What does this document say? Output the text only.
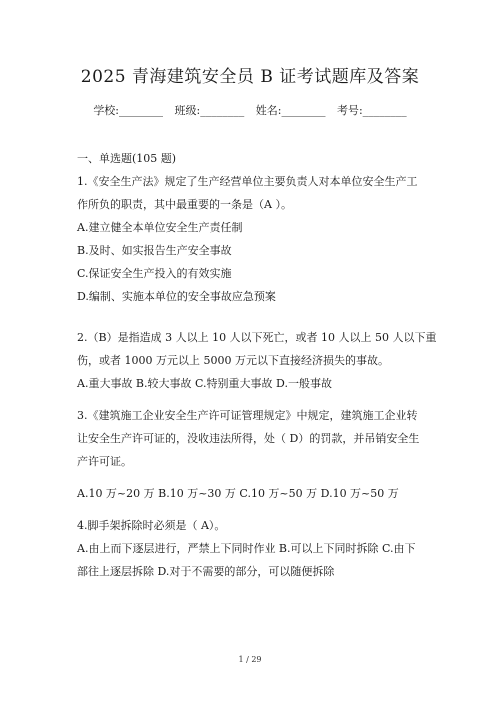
2025 青海建筑安全员 B 证考试题库及答案
学校:________ 班级:________ 姓名:________ 考号:________
一、单选题(105 题)
1.《安全生产法》规定了生产经营单位主要负责人对本单位安全生产工
作所负的职责，其中最重要的一条是（A ）。
A.建立健全本单位安全生产责任制
B.及时、如实报告生产安全事故
C.保证安全生产投入的有效实施
D.编制、实施本单位的安全事故应急预案
2.（B）是指造成 3 人以上 10 人以下死亡，或者 10 人以上 50 人以下重
伤，或者 1000 万元以上 5000 万元以下直接经济损失的事故。
A.重大事故 B.较大事故 C.特别重大事故 D.一般事故
3.《建筑施工企业安全生产许可证管理规定》中规定，建筑施工企业转
让安全生产许可证的，没收违法所得，处（ D）的罚款，并吊销安全生
产许可证。
A.10 万~20 万 B.10 万~30 万 C.10 万~50 万 D.10 万~50 万
4.脚手架拆除时必须是（ A）。
A.由上而下逐层进行，严禁上下同时作业 B.可以上下同时拆除 C.由下
部往上逐层拆除 D.对于不需要的部分，可以随便拆除
1 / 29
